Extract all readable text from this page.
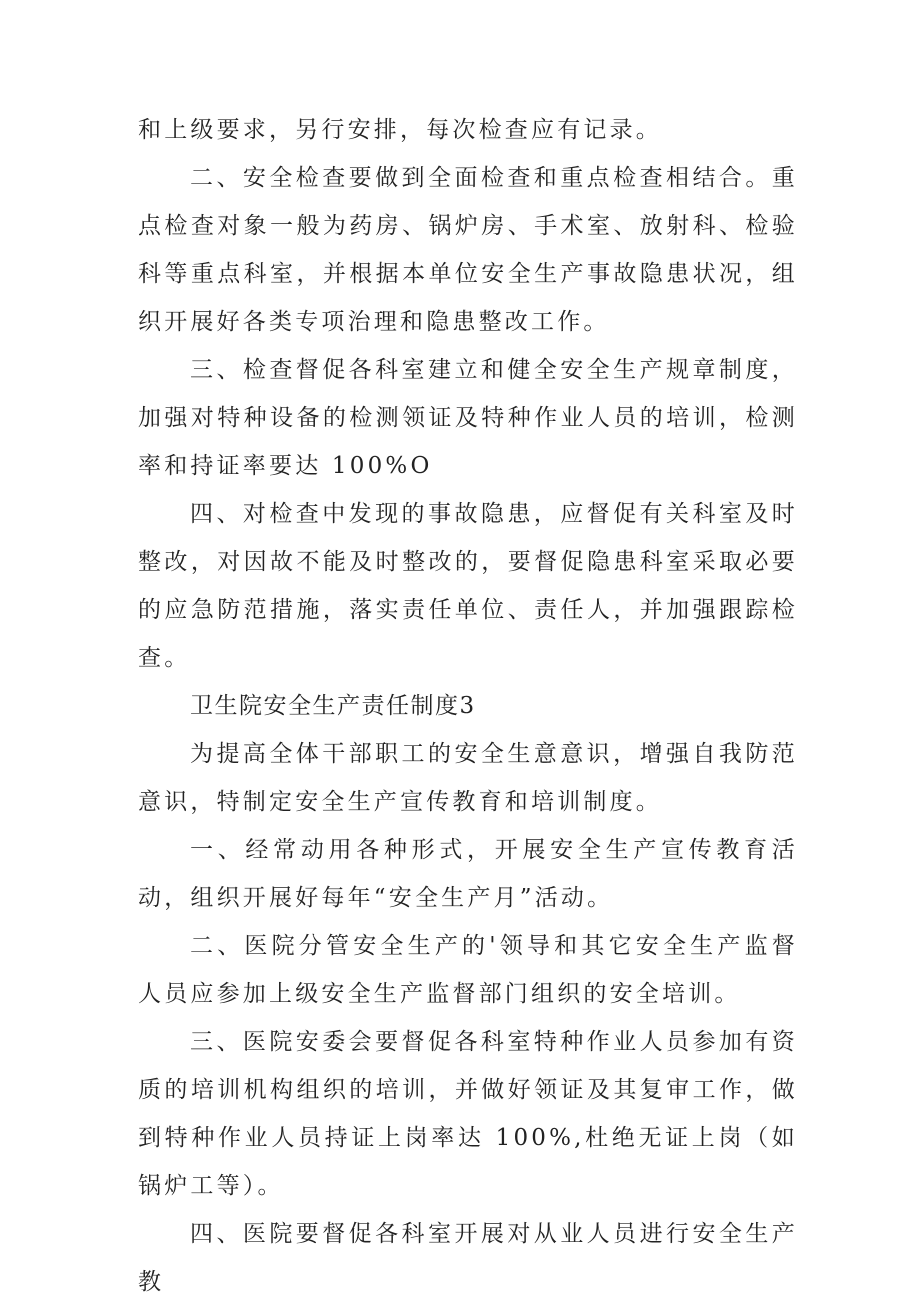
和上级要求，另行安排，每次检查应有记录。

二、安全检查要做到全面检查和重点检查相结合。重点检查对象一般为药房、锅炉房、手术室、放射科、检验科等重点科室，并根据本单位安全生产事故隐患状况，组织开展好各类专项治理和隐患整改工作。

三、检查督促各科室建立和健全安全生产规章制度，加强对特种设备的检测领证及特种作业人员的培训，检测率和持证率要达 100%O

四、对检查中发现的事故隐患，应督促有关科室及时整改，对因故不能及时整改的，要督促隐患科室采取必要的应急防范措施，落实责任单位、责任人，并加强跟踪检查。

卫生院安全生产责任制度3

为提高全体干部职工的安全生意意识，增强自我防范意识，特制定安全生产宣传教育和培训制度。

一、经常动用各种形式，开展安全生产宣传教育活动，组织开展好每年“安全生产月”活动。

二、医院分管安全生产的'领导和其它安全生产监督人员应参加上级安全生产监督部门组织的安全培训。

三、医院安委会要督促各科室特种作业人员参加有资质的培训机构组织的培训，并做好领证及其复审工作，做到特种作业人员持证上岗率达 100%,杜绝无证上岗（如锅炉工等）。

四、医院要督促各科室开展对从业人员进行安全生产教
